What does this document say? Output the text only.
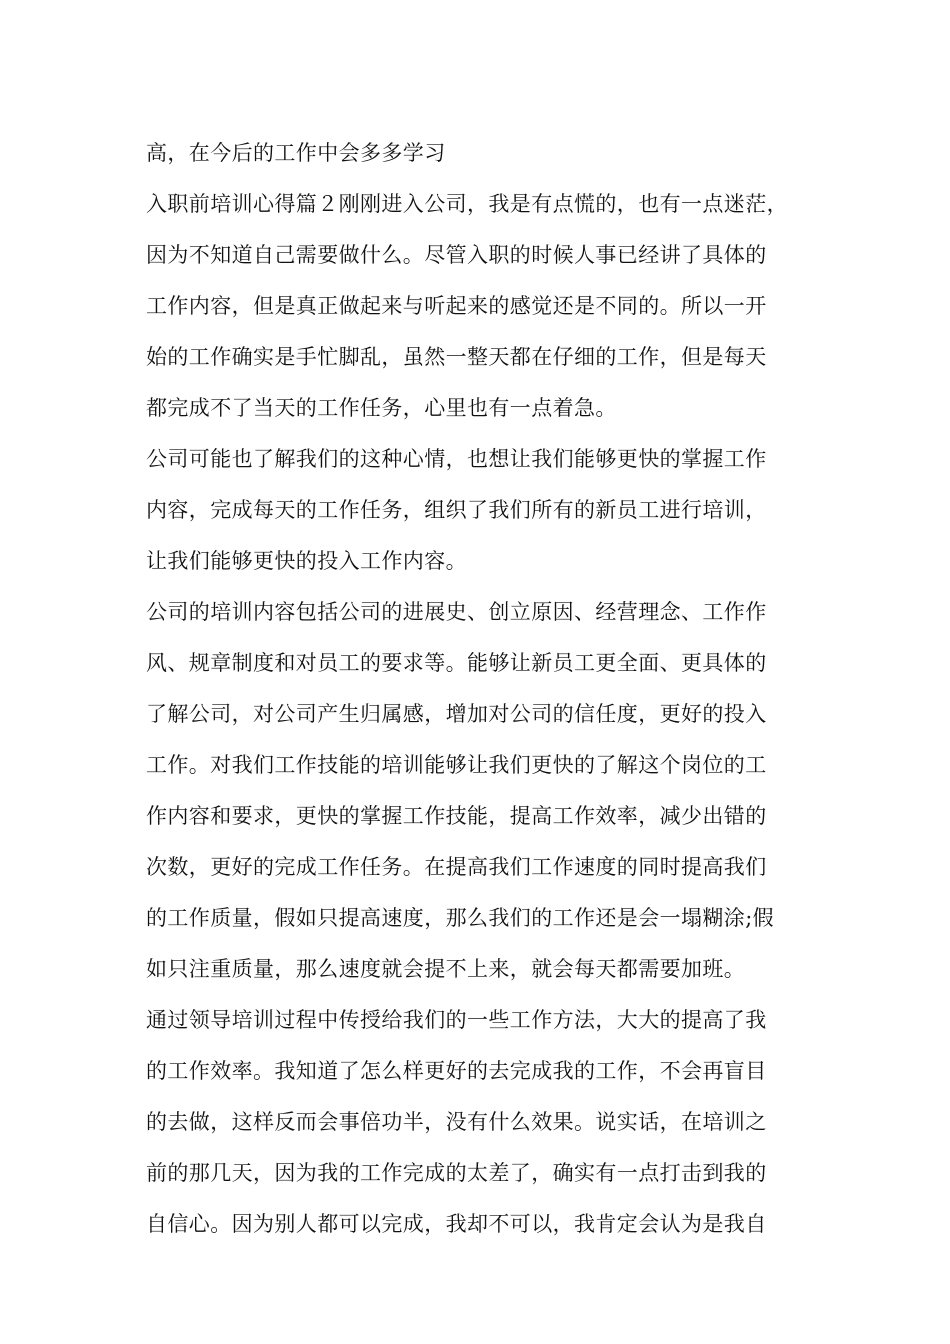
高，在今后的工作中会多多学习
入职前培训心得篇２刚刚进入公司，我是有点慌的，也有一点迷茫，
因为不知道自己需要做什么。尽管入职的时候人事已经讲了具体的
工作内容，但是真正做起来与听起来的感觉还是不同的。所以一开
始的工作确实是手忙脚乱，虽然一整天都在仔细的工作，但是每天
都完成不了当天的工作任务，心里也有一点着急。
公司可能也了解我们的这种心情，也想让我们能够更快的掌握工作
内容，完成每天的工作任务，组织了我们所有的新员工进行培训，
让我们能够更快的投入工作内容。
公司的培训内容包括公司的进展史、创立原因、经营理念、工作作
风、规章制度和对员工的要求等。能够让新员工更全面、更具体的
了解公司，对公司产生归属感，增加对公司的信任度，更好的投入
工作。对我们工作技能的培训能够让我们更快的了解这个岗位的工
作内容和要求，更快的掌握工作技能，提高工作效率，减少出错的
次数，更好的完成工作任务。在提高我们工作速度的同时提高我们
的工作质量，假如只提高速度，那么我们的工作还是会一塌糊涂;假
如只注重质量，那么速度就会提不上来，就会每天都需要加班。
通过领导培训过程中传授给我们的一些工作方法，大大的提高了我
的工作效率。我知道了怎么样更好的去完成我的工作，不会再盲目
的去做，这样反而会事倍功半，没有什么效果。说实话，在培训之
前的那几天，因为我的工作完成的太差了，确实有一点打击到我的
自信心。因为别人都可以完成，我却不可以，我肯定会认为是我自
